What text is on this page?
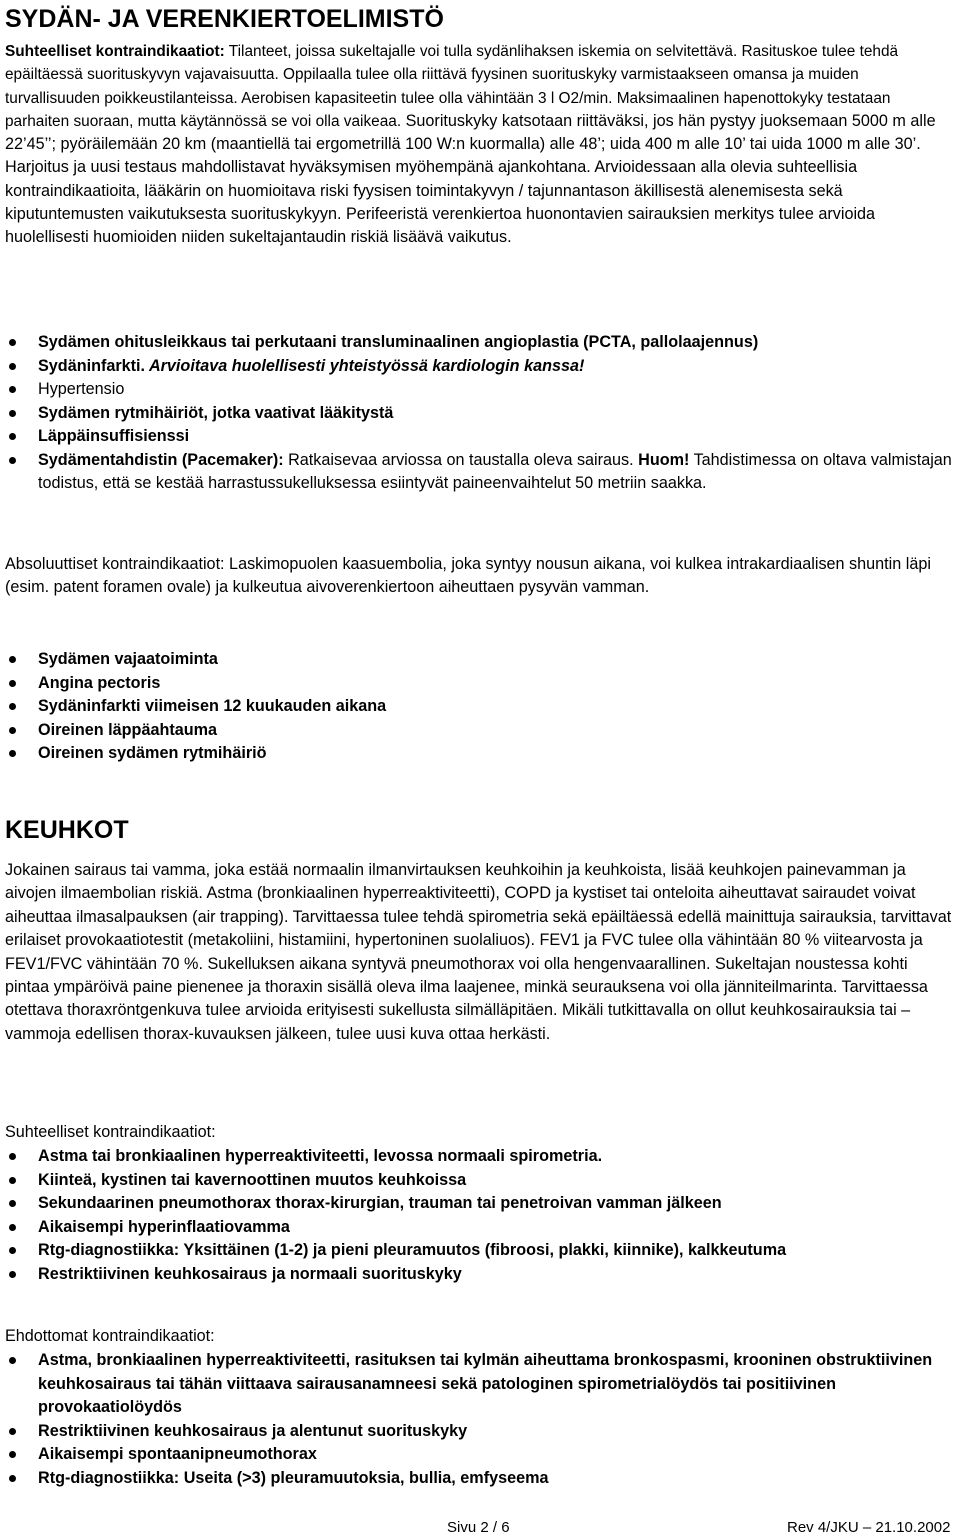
SYDÄN- JA VERENKIERTOELIMISTÖ

Suhteelliset kontraindikaatiot: Tilanteet, joissa sukeltajalle voi tulla sydänlihaksen iskemia on selvitettävä. Rasituskoe tulee tehdä epäiltäessä suorituskyvyn vajavaisuutta. Oppilaalla tulee olla riittävä fyysinen suorituskyky varmistaakseen omansa ja muiden turvallisuuden poikkeustilanteissa. Aerobisen kapasiteetin tulee olla vähintään 3 l O2/min. Maksimaalinen hapenottokyky testataan parhaiten suoraan, mutta käytännössä se voi olla vaikeaa. Suorituskyky katsotaan riittäväksi, jos hän pystyy juoksemaan 5000 m alle 22’45’’; pyöräilemään 20 km (maantiellä tai ergometrillä 100 W:n kuormalla) alle 48’; uida 400 m alle 10’ tai uida 1000 m alle 30’. Harjoitus ja uusi testaus mahdollistavat hyväksymisen myöhempänä ajankohtana. Arvioidessaan alla olevia suhteellisia kontraindikaatioita, lääkärin on huomioitava riski fyysisen toimintakyvyn / tajunnantason äkillisestä alenemisesta sekä kiputuntemusten vaikutuksesta suorituskykyyn. Perifeeristä verenkiertoa huonontavien sairauksien merkitys tulee arvioida huolellisesti huomioiden niiden sukeltajantaudin riskiä lisäävä vaikutus.

Sydämen ohitusleikkaus tai perkutaani transluminaalinen angioplastia (PCTA, pallolaajennus)
Sydäninfarkti. Arvioitava huolellisesti yhteistyössä kardiologin kanssa!
Hypertensio
Sydämen rytmihäiriöt, jotka vaativat lääkitystä
Läppäinsuffisienssi
Sydämentahdistin (Pacemaker): Ratkaisevaa arviossa on taustalla oleva sairaus. Huom! Tahdistimessa on oltava valmistajan todistus, että se kestää harrastussukelluksessa esiintyvät paineenvaihtelut 50 metriin saakka.

Absoluuttiset kontraindikaatiot: Laskimopuolen kaasuembolia, joka syntyy nousun aikana, voi kulkea intrakardiaalisen shuntin läpi (esim. patent foramen ovale) ja kulkeutua aivoverenkiertoon aiheuttaen pysyvän vamman.

Sydämen vajaatoiminta
Angina pectoris
Sydäninfarkti viimeisen 12 kuukauden aikana
Oireinen läppäahtauma
Oireinen sydämen rytmihäiriö
KEUHKOT

Jokainen sairaus tai vamma, joka estää normaalin ilmanvirtauksen keuhkoihin ja keuhkoista, lisää keuhkojen painevamman ja aivojen ilmaembolian riskiä. Astma (bronkiaalinen hyperreaktiviteetti), COPD ja kystiset tai onteloita aiheuttavat sairaudet voivat aiheuttaa ilmasalpauksen (air trapping). Tarvittaessa tulee tehdä spirometria sekä epäiltäessä edellä mainittuja sairauksia, tarvittavat erilaiset provokaatiotestit (metakoliini, histamiini, hypertoninen suolaliuos). FEV1 ja FVC tulee olla vähintään 80 % viitearvosta ja FEV1/FVC vähintään 70 %. Sukelluksen aikana syntyvä pneumothorax voi olla hengenvaarallinen. Sukeltajan noustessa kohti pintaa ympäröivä paine pienenee ja thoraxin sisällä oleva ilma laajenee, minkä seurauksena voi olla jänniteilmarinta. Tarvittaessa otettava thoraxröntgenkuva tulee arvioida erityisesti sukellusta silmälläpitäen. Mikäli tutkittavalla on ollut keuhkosairauksia tai –vammoja edellisen thorax-kuvauksen jälkeen, tulee uusi kuva ottaa herkästi.

Suhteelliset kontraindikaatiot:

Astma tai bronkiaalinen hyperreaktiviteetti, levossa normaali spirometria.
Kiinteä, kystinen tai kavernoottinen muutos keuhkoissa
Sekundaarinen pneumothorax thorax-kirurgian, trauman tai penetroivan vamman jälkeen
Aikaisempi hyperinflaatiovamma
Rtg-diagnostiikka: Yksittäinen (1-2) ja pieni pleuramuutos (fibroosi, plakki, kiinnike), kalkkeutuma
Restriktiivinen keuhkosairaus ja normaali suorituskyky

Ehdottomat kontraindikaatiot:

Astma, bronkiaalinen hyperreaktiviteetti, rasituksen tai kylmän aiheuttama bronkospasmi, krooninen obstruktiivinen keuhkosairaus tai tähän viittaava sairausanamneesi sekä patologinen spirometrialöydös tai positiivinen provokaatiolöydös
Restriktiivinen keuhkosairaus ja alentunut suorituskyky
Aikaisempi spontaanipneumothorax
Rtg-diagnostiikka: Useita (>3) pleuramuutoksia, bullia, emfyseema
Sivu 2 / 6	Rev 4/JKU – 21.10.2002
